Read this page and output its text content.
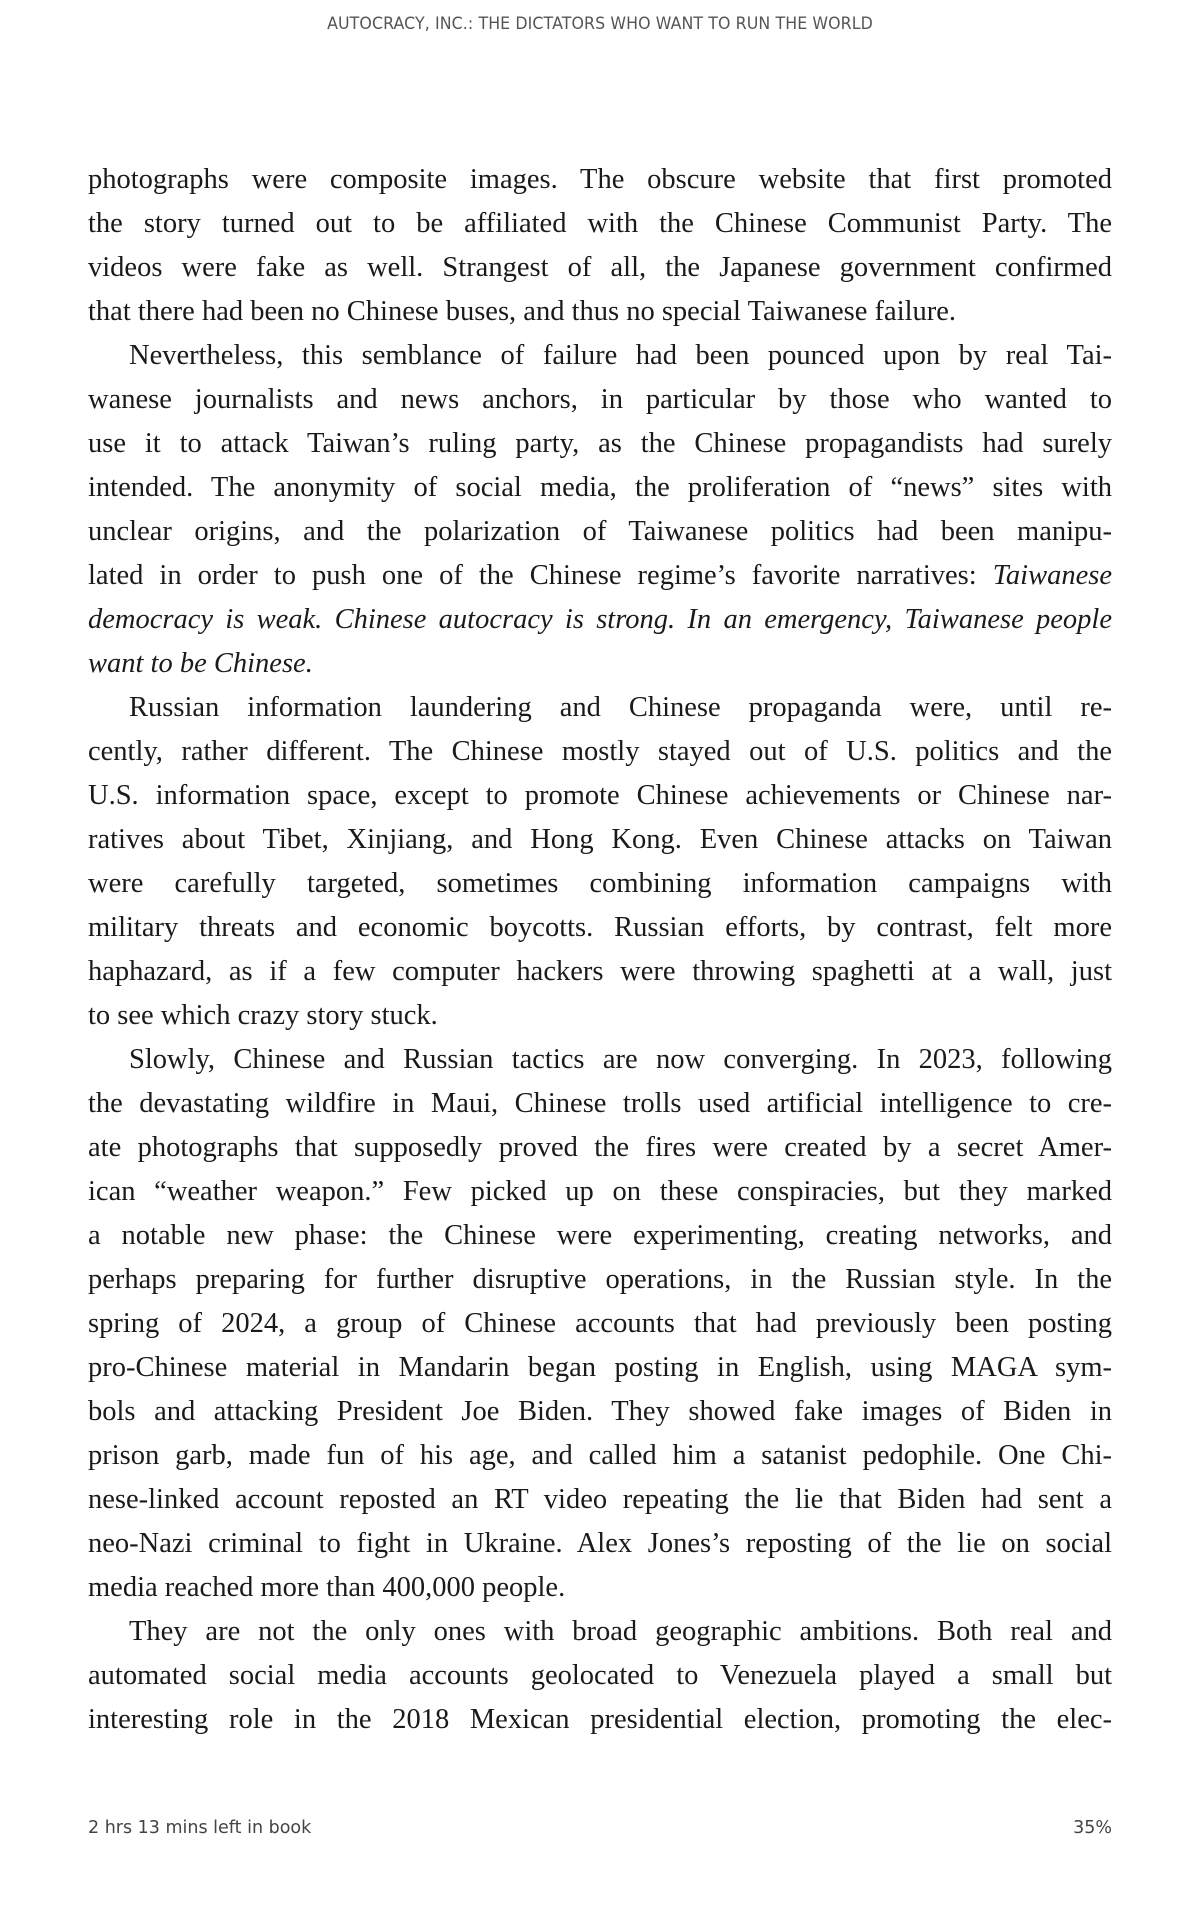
AUTOCRACY, INC.: THE DICTATORS WHO WANT TO RUN THE WORLD
photographs were composite images. The obscure website that first promoted
the story turned out to be affiliated with the Chinese Communist Party. The
videos were fake as well. Strangest of all, the Japanese government confirmed
that there had been no Chinese buses, and thus no special Taiwanese failure.
Nevertheless, this semblance of failure had been pounced upon by real Tai-
wanese journalists and news anchors, in particular by those who wanted to
use it to attack Taiwan’s ruling party, as the Chinese propagandists had surely
intended. The anonymity of social media, the proliferation of “news” sites with
unclear origins, and the polarization of Taiwanese politics had been manipu-
lated in order to push one of the Chinese regime’s favorite narratives: Taiwanese
democracy is weak. Chinese autocracy is strong. In an emergency, Taiwanese people
want to be Chinese.
Russian information laundering and Chinese propaganda were, until re-
cently, rather different. The Chinese mostly stayed out of U.S. politics and the
U.S. information space, except to promote Chinese achievements or Chinese nar-
ratives about Tibet, Xinjiang, and Hong Kong. Even Chinese attacks on Taiwan
were carefully targeted, sometimes combining information campaigns with
military threats and economic boycotts. Russian efforts, by contrast, felt more
haphazard, as if a few computer hackers were throwing spaghetti at a wall, just
to see which crazy story stuck.
Slowly, Chinese and Russian tactics are now converging. In 2023, following
the devastating wildfire in Maui, Chinese trolls used artificial intelligence to cre-
ate photographs that supposedly proved the fires were created by a secret Amer-
ican “weather weapon.” Few picked up on these conspiracies, but they marked
a notable new phase: the Chinese were experimenting, creating networks, and
perhaps preparing for further disruptive operations, in the Russian style. In the
spring of 2024, a group of Chinese accounts that had previously been posting
pro-Chinese material in Mandarin began posting in English, using MAGA sym-
bols and attacking President Joe Biden. They showed fake images of Biden in
prison garb, made fun of his age, and called him a satanist pedophile. One Chi-
nese-linked account reposted an RT video repeating the lie that Biden had sent a
neo-Nazi criminal to fight in Ukraine. Alex Jones’s reposting of the lie on social
media reached more than 400,000 people.
They are not the only ones with broad geographic ambitions. Both real and
automated social media accounts geolocated to Venezuela played a small but
interesting role in the 2018 Mexican presidential election, promoting the elec-
2 hrs 13 mins left in book	35%
